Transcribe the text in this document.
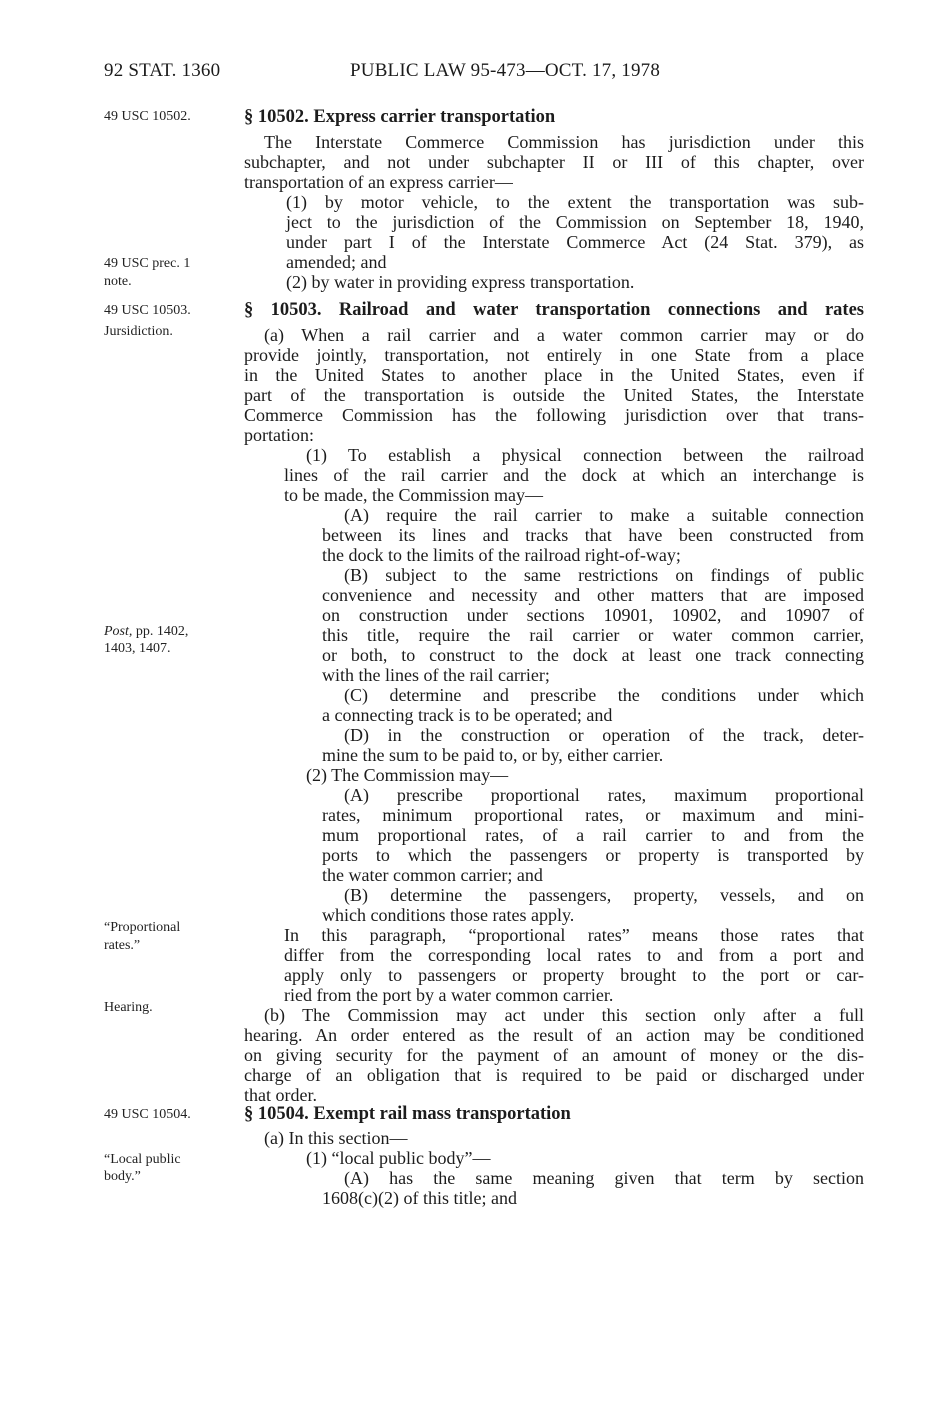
92 STAT. 1360	PUBLIC LAW 95-473—OCT. 17, 1978
49 USC 10502.
49 USC prec. 1
note.
49 USC 10503.
Jursidiction.
Post, pp. 1402,
1403, 1407.
“Proportional
rates.”
Hearing.
49 USC 10504.
“Local public
body.”
§ 10502. Express carrier transportation
The Interstate Commerce Commission has jurisdiction under this
subchapter, and not under subchapter II or III of this chapter, over
transportation of an express carrier—
(1) by motor vehicle, to the extent the transportation was sub-
ject to the jurisdiction of the Commission on September 18, 1940,
under part I of the Interstate Commerce Act (24 Stat. 379), as
amended; and
(2) by water in providing express transportation.
§ 10503. Railroad and water transportation connections and rates
(a) When a rail carrier and a water common carrier may or do
provide jointly, transportation, not entirely in one State from a place
in the United States to another place in the United States, even if
part of the transportation is outside the United States, the Interstate
Commerce Commission has the following jurisdiction over that trans-
portation:
(1) To establish a physical connection between the railroad
lines of the rail carrier and the dock at which an interchange is
to be made, the Commission may—
(A) require the rail carrier to make a suitable connection
between its lines and tracks that have been constructed from
the dock to the limits of the railroad right-of-way;
(B) subject to the same restrictions on findings of public
convenience and necessity and other matters that are imposed
on construction under sections 10901, 10902, and 10907 of
this title, require the rail carrier or water common carrier,
or both, to construct to the dock at least one track connecting
with the lines of the rail carrier;
(C) determine and prescribe the conditions under which
a connecting track is to be operated; and
(D) in the construction or operation of the track, deter-
mine the sum to be paid to, or by, either carrier.
(2) The Commission may—
(A) prescribe proportional rates, maximum proportional
rates, minimum proportional rates, or maximum and mini-
mum proportional rates, of a rail carrier to and from the
ports to which the passengers or property is transported by
the water common carrier; and
(B) determine the passengers, property, vessels, and on
which conditions those rates apply.
In this paragraph, “proportional rates” means those rates that
differ from the corresponding local rates to and from a port and
apply only to passengers or property brought to the port or car-
ried from the port by a water common carrier.
(b) The Commission may act under this section only after a full
hearing. An order entered as the result of an action may be conditioned
on giving security for the payment of an amount of money or the dis-
charge of an obligation that is required to be paid or discharged under
that order.
§ 10504. Exempt rail mass transportation
(a) In this section—
(1) “local public body”—
(A) has the same meaning given that term by section
1608(c)(2) of this title; and
